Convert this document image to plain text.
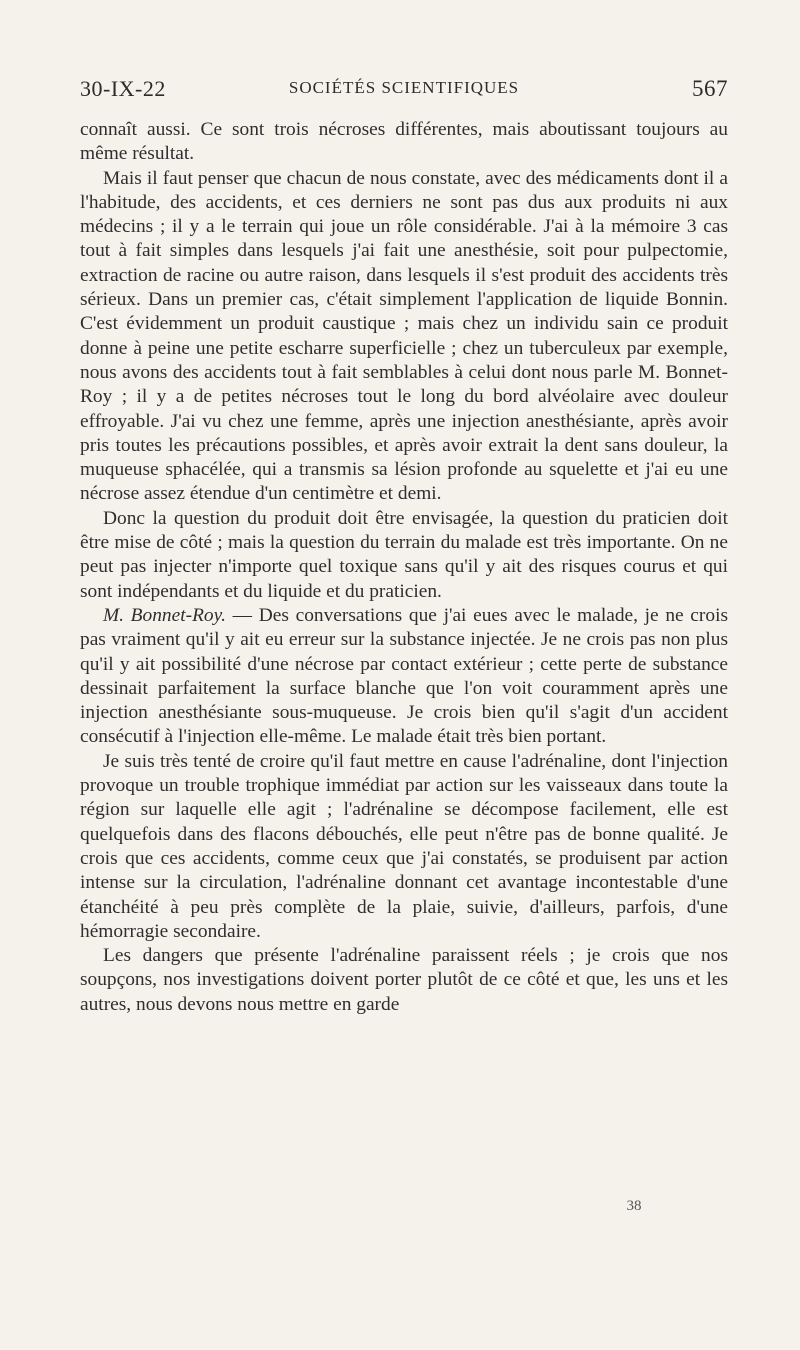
30-IX-22	SOCIÉTÉS SCIENTIFIQUES	567

connaît aussi. Ce sont trois nécroses différentes, mais aboutissant toujours au même résultat.

Mais il faut penser que chacun de nous constate, avec des médicaments dont il a l'habitude, des accidents, et ces derniers ne sont pas dus aux produits ni aux médecins ; il y a le terrain qui joue un rôle considérable. J'ai à la mémoire 3 cas tout à fait simples dans lesquels j'ai fait une anesthésie, soit pour pulpectomie, extraction de racine ou autre raison, dans lesquels il s'est produit des accidents très sérieux. Dans un premier cas, c'était simplement l'application de liquide Bonnin. C'est évidemment un produit caustique ; mais chez un individu sain ce produit donne à peine une petite escharre superficielle ; chez un tuberculeux par exemple, nous avons des accidents tout à fait semblables à celui dont nous parle M. Bonnet-Roy ; il y a de petites nécroses tout le long du bord alvéolaire avec douleur effroyable. J'ai vu chez une femme, après une injection anesthésiante, après avoir pris toutes les précautions possibles, et après avoir extrait la dent sans douleur, la muqueuse sphacélée, qui a transmis sa lésion profonde au squelette et j'ai eu une nécrose assez étendue d'un centimètre et demi.

Donc la question du produit doit être envisagée, la question du praticien doit être mise de côté ; mais la question du terrain du malade est très importante. On ne peut pas injecter n'importe quel toxique sans qu'il y ait des risques courus et qui sont indépendants et du liquide et du praticien.

M. Bonnet-Roy. — Des conversations que j'ai eues avec le malade, je ne crois pas vraiment qu'il y ait eu erreur sur la substance injectée. Je ne crois pas non plus qu'il y ait possibilité d'une nécrose par contact extérieur ; cette perte de substance dessinait parfaitement la surface blanche que l'on voit couramment après une injection anesthésiante sous-muqueuse. Je crois bien qu'il s'agit d'un accident consécutif à l'injection elle-même. Le malade était très bien portant.

Je suis très tenté de croire qu'il faut mettre en cause l'adrénaline, dont l'injection provoque un trouble trophique immédiat par action sur les vaisseaux dans toute la région sur laquelle elle agit ; l'adrénaline se décompose facilement, elle est quelquefois dans des flacons débouchés, elle peut n'être pas de bonne qualité. Je crois que ces accidents, comme ceux que j'ai constatés, se produisent par action intense sur la circulation, l'adrénaline donnant cet avantage incontestable d'une étanchéité à peu près complète de la plaie, suivie, d'ailleurs, parfois, d'une hémorragie secondaire.

Les dangers que présente l'adrénaline paraissent réels ; je crois que nos soupçons, nos investigations doivent porter plutôt de ce côté et que, les uns et les autres, nous devons nous mettre en garde

38
